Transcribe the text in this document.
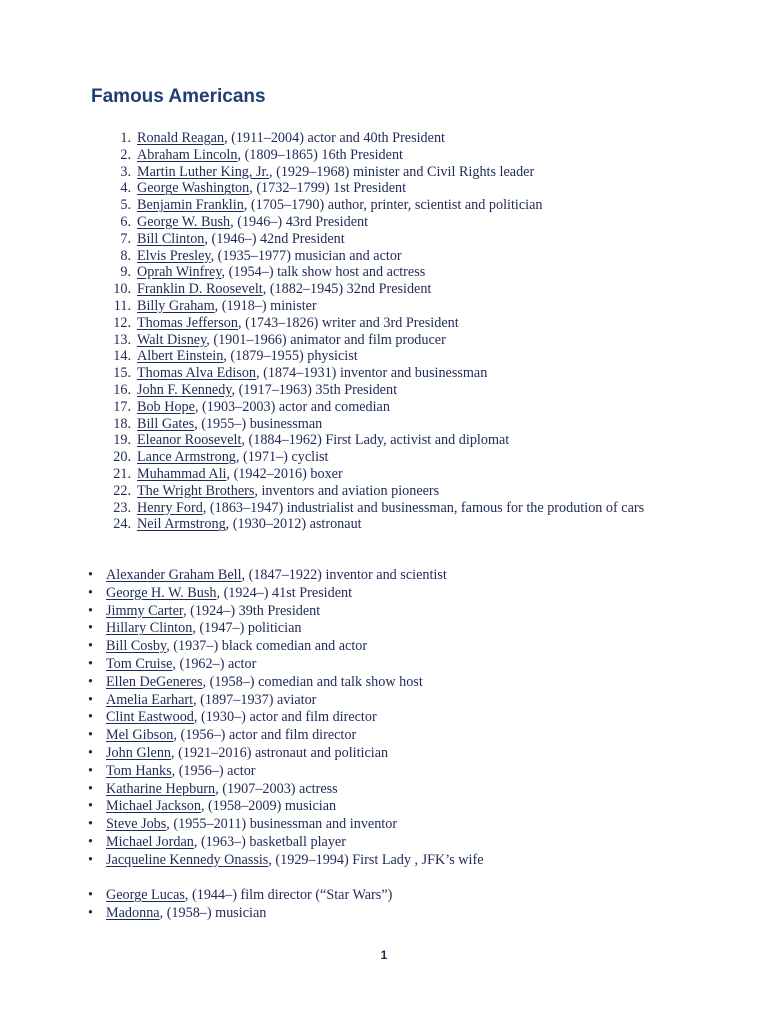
Famous Americans
1. Ronald Reagan, (1911–2004) actor and 40th President
2. Abraham Lincoln, (1809–1865) 16th President
3. Martin Luther King, Jr., (1929–1968) minister and Civil Rights leader
4. George Washington, (1732–1799) 1st President
5. Benjamin Franklin, (1705–1790) author, printer, scientist and politician
6. George W. Bush, (1946–) 43rd President
7. Bill Clinton, (1946–) 42nd President
8. Elvis Presley, (1935–1977) musician and actor
9. Oprah Winfrey, (1954–) talk show host and actress
10. Franklin D. Roosevelt, (1882–1945) 32nd President
11. Billy Graham, (1918–) minister
12. Thomas Jefferson, (1743–1826) writer and 3rd President
13. Walt Disney, (1901–1966) animator and film producer
14. Albert Einstein, (1879–1955) physicist
15. Thomas Alva Edison, (1874–1931) inventor and businessman
16. John F. Kennedy, (1917–1963) 35th President
17. Bob Hope, (1903–2003) actor and comedian
18. Bill Gates, (1955–) businessman
19. Eleanor Roosevelt, (1884–1962) First Lady, activist and diplomat
20. Lance Armstrong, (1971–) cyclist
21. Muhammad Ali, (1942–2016) boxer
22. The Wright Brothers, inventors and aviation pioneers
23. Henry Ford, (1863–1947) industrialist and businessman, famous for the prodution of cars
24. Neil Armstrong, (1930–2012) astronaut
• Alexander Graham Bell, (1847–1922) inventor and scientist
• George H. W. Bush, (1924–) 41st President
• Jimmy Carter, (1924–) 39th President
• Hillary Clinton, (1947–) politician
• Bill Cosby, (1937–) black comedian and actor
• Tom Cruise, (1962–) actor
• Ellen DeGeneres, (1958–) comedian and talk show host
• Amelia Earhart, (1897–1937) aviator
• Clint Eastwood, (1930–) actor and film director
• Mel Gibson, (1956–) actor and film director
• John Glenn, (1921–2016) astronaut and politician
• Tom Hanks, (1956–) actor
• Katharine Hepburn, (1907–2003) actress
• Michael Jackson, (1958–2009) musician
• Steve Jobs, (1955–2011) businessman and inventor
• Michael Jordan, (1963–) basketball player
• Jacqueline Kennedy Onassis, (1929–1994) First Lady , JFK’s wife
• George Lucas, (1944–) film director (“Star Wars”)
• Madonna, (1958–) musician
1
